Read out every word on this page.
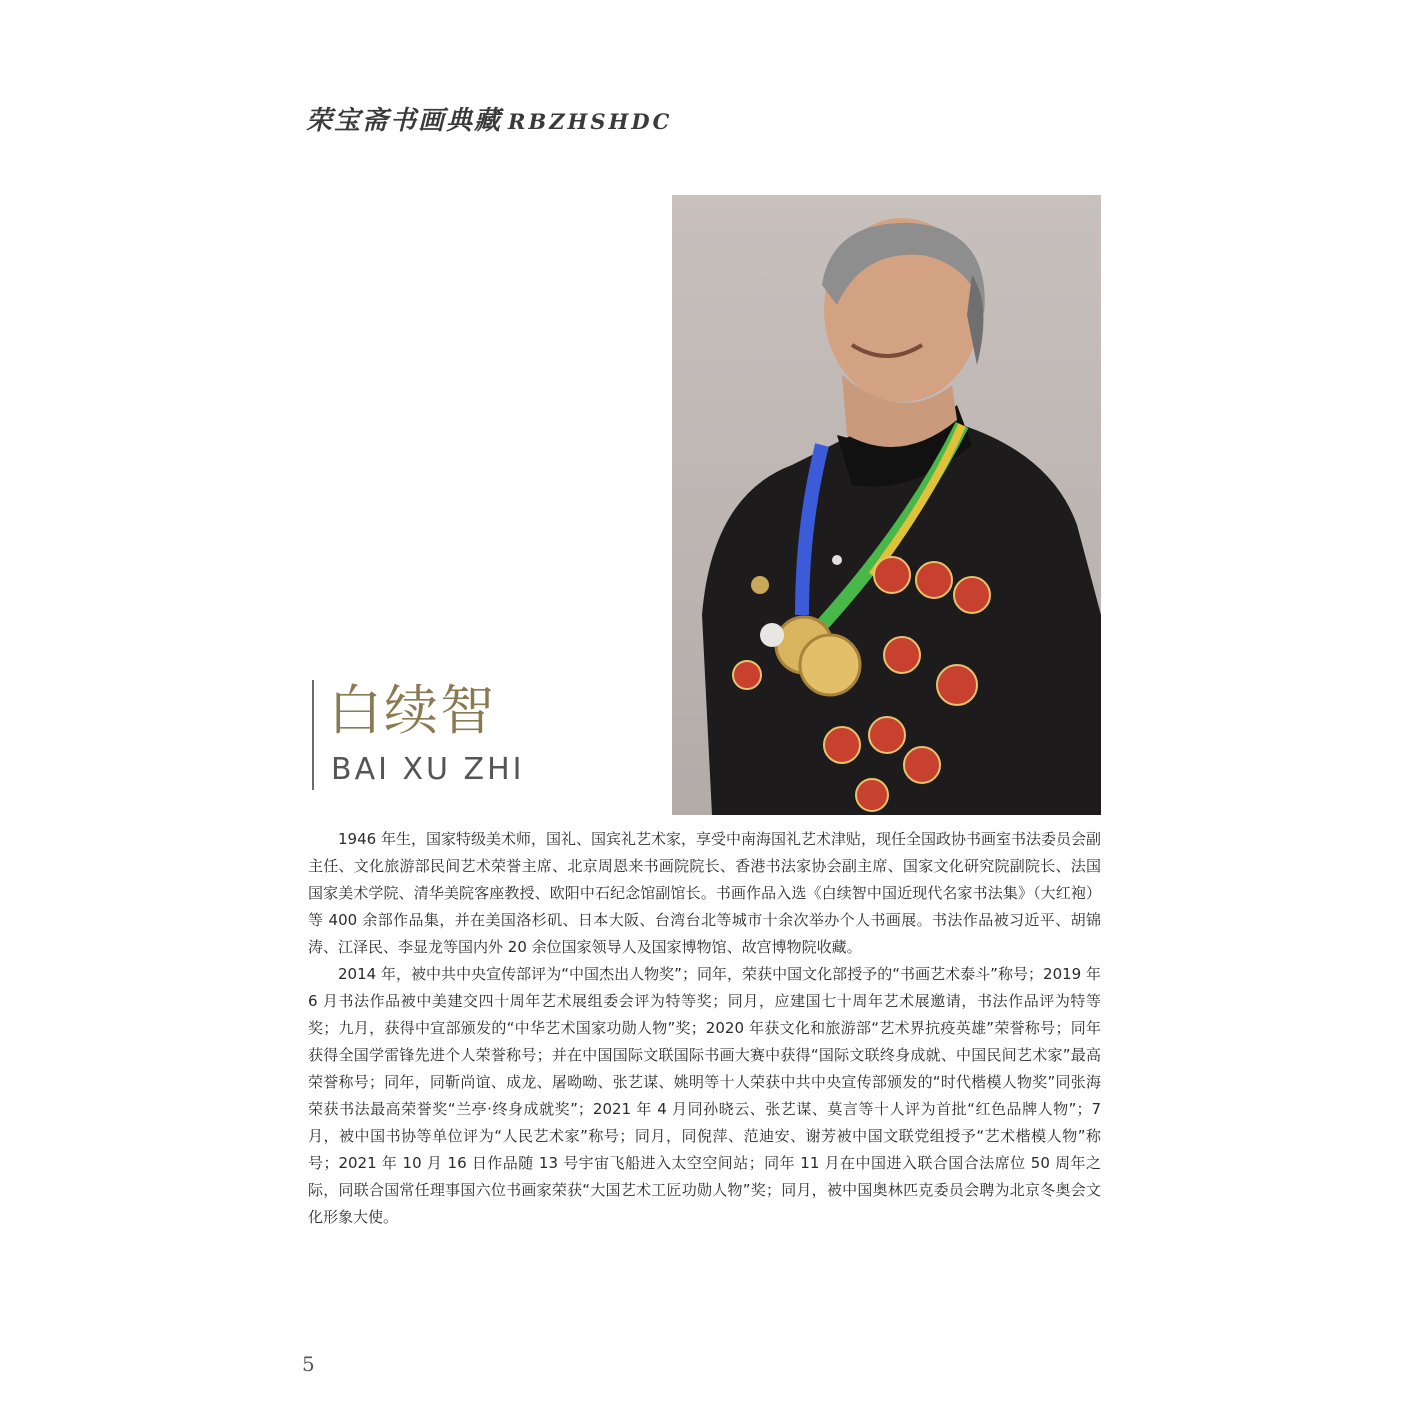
荣宝斋书画典藏 RBZHSHDC
白续智
BAI XU ZHI

1946 年生，国家特级美术师，国礼、国宾礼艺术家，享受中南海国礼艺术津贴，现任全国政协书画室书法委员会副主任、文化旅游部民间艺术荣誉主席、北京周恩来书画院院长、香港书法家协会副主席、国家文化研究院副院长、法国国家美术学院、清华美院客座教授、欧阳中石纪念馆副馆长。书画作品入选《白续智中国近现代名家书法集》（大红袍）等 400 余部作品集，并在美国洛杉矶、日本大阪、台湾台北等城市十余次举办个人书画展。书法作品被习近平、胡锦涛、江泽民、李显龙等国内外 20 余位国家领导人及国家博物馆、故宫博物院收藏。

2014 年，被中共中央宣传部评为“中国杰出人物奖”；同年，荣获中国文化部授予的“书画艺术泰斗”称号；2019 年 6 月书法作品被中美建交四十周年艺术展组委会评为特等奖；同月，应建国七十周年艺术展邀请，书法作品评为特等奖；九月，获得中宣部颁发的“中华艺术国家功勋人物”奖；2020 年获文化和旅游部“艺术界抗疫英雄”荣誉称号；同年获得全国学雷锋先进个人荣誉称号；并在中国国际文联国际书画大赛中获得“国际文联终身成就、中国民间艺术家”最高荣誉称号；同年，同靳尚谊、成龙、屠呦呦、张艺谋、姚明等十人荣获中共中央宣传部颁发的“时代楷模人物奖”同张海荣获书法最高荣誉奖“兰亭·终身成就奖”；2021 年 4 月同孙晓云、张艺谋、莫言等十人评为首批“红色品牌人物”；7 月，被中国书协等单位评为“人民艺术家”称号；同月，同倪萍、范迪安、谢芳被中国文联党组授予“艺术楷模人物”称号；2021 年 10 月 16 日作品随 13 号宇宙飞船进入太空空间站；同年 11 月在中国进入联合国合法席位 50 周年之际，同联合国常任理事国六位书画家荣获“大国艺术工匠功勋人物”奖；同月，被中国奥林匹克委员会聘为北京冬奥会文化形象大使。

5
